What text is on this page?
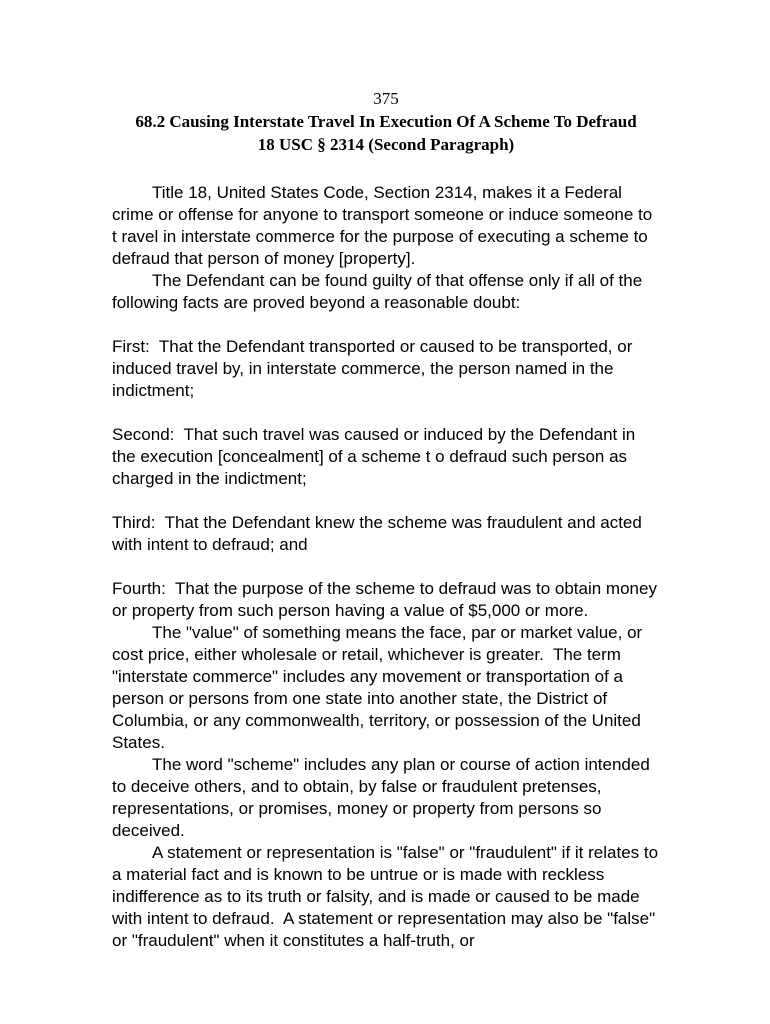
375
68.2 Causing Interstate Travel In Execution Of A Scheme To Defraud
18 USC § 2314 (Second Paragraph)

Title 18, United States Code, Section 2314, makes it a Federal crime or offense for anyone to transport someone or induce someone to t ravel in interstate commerce for the purpose of executing a scheme to defraud that person of money [property].

The Defendant can be found guilty of that offense only if all of the following facts are proved beyond a reasonable doubt:

First:  That the Defendant transported or caused to be transported, or induced travel by, in interstate commerce, the person named in the indictment;

Second:  That such travel was caused or induced by the Defendant in the execution [concealment] of a scheme t o defraud such person as charged in the indictment;

Third:  That the Defendant knew the scheme was fraudulent and acted with intent to defraud; and

Fourth:  That the purpose of the scheme to defraud was to obtain money or property from such person having a value of $5,000 or more.

The "value" of something means the face, par or market value, or cost price, either wholesale or retail, whichever is greater.  The term "interstate commerce" includes any movement or transportation of a person or persons from one state into another state, the District of Columbia, or any commonwealth, territory, or possession of the United States.

The word "scheme" includes any plan or course of action intended to deceive others, and to obtain, by false or fraudulent pretenses, representations, or promises, money or property from persons so deceived.

A statement or representation is "false" or "fraudulent" if it relates to a material fact and is known to be untrue or is made with reckless indifference as to its truth or falsity, and is made or caused to be made with intent to defraud.  A statement or representation may also be "false" or "fraudulent" when it constitutes a half-truth, or
